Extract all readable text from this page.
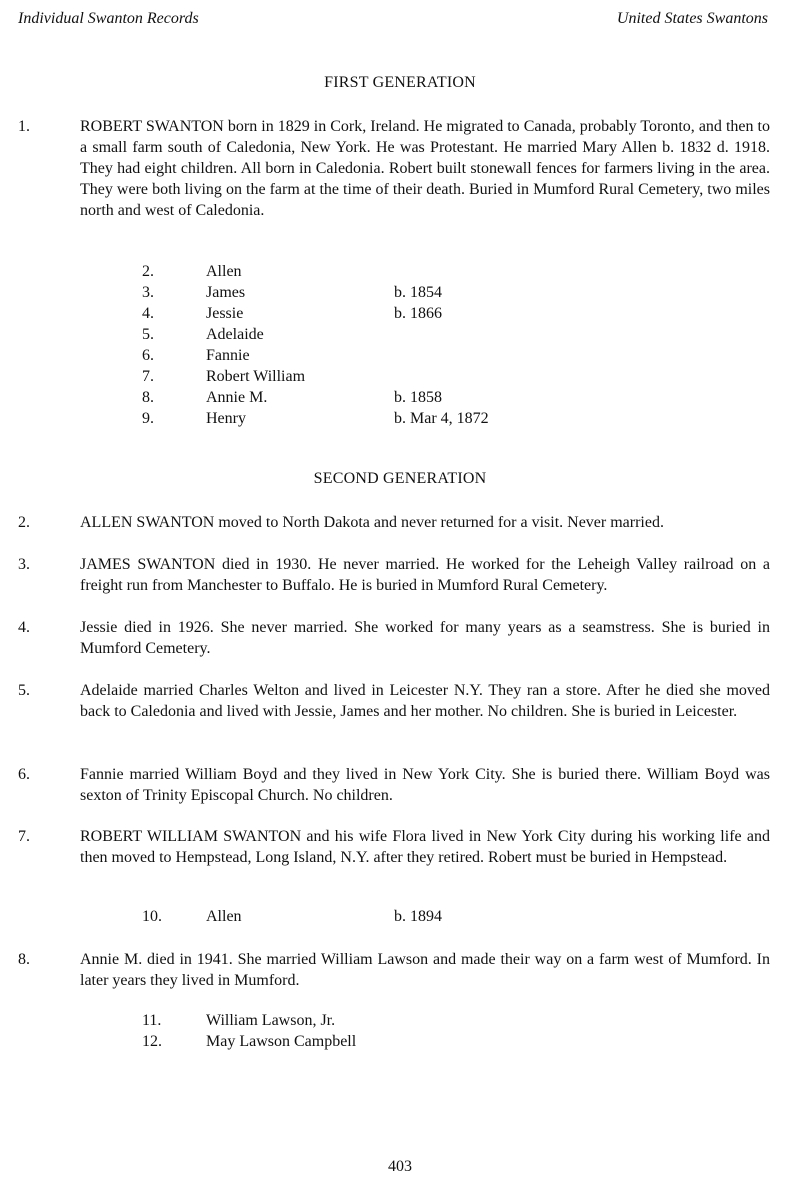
Individual Swanton Records	United States Swantons
FIRST GENERATION
1.	ROBERT SWANTON born in 1829 in Cork, Ireland. He migrated to Canada, probably Toronto, and then to a small farm south of Caledonia, New York. He was Protestant. He married Mary Allen b. 1832 d. 1918. They had eight children. All born in Caledonia. Robert built stonewall fences for farmers living in the area. They were both living on the farm at the time of their death. Buried in Mumford Rural Cemetery, two miles north and west of Caledonia.
2.	Allen
3.	James	b. 1854
4.	Jessie	b. 1866
5.	Adelaide
6.	Fannie
7.	Robert William
8.	Annie M.	b. 1858
9.	Henry	b. Mar 4, 1872
SECOND GENERATION
2.	ALLEN SWANTON moved to North Dakota and never returned for a visit. Never married.
3.	JAMES SWANTON died in 1930. He never married. He worked for the Leheigh Valley railroad on a freight run from Manchester to Buffalo. He is buried in Mumford Rural Cemetery.
4.	Jessie died in 1926. She never married. She worked for many years as a seamstress. She is buried in Mumford Cemetery.
5.	Adelaide married Charles Welton and lived in Leicester N.Y. They ran a store. After he died she moved back to Caledonia and lived with Jessie, James and her mother. No children. She is buried in Leicester.
6.	Fannie married William Boyd and they lived in New York City. She is buried there. William Boyd was sexton of Trinity Episcopal Church. No children.
7.	ROBERT WILLIAM SWANTON and his wife Flora lived in New York City during his working life and then moved to Hempstead, Long Island, N.Y. after they retired. Robert must be buried in Hempstead.
10.	Allen	b. 1894
8.	Annie M. died in 1941. She married William Lawson and made their way on a farm west of Mumford. In later years they lived in Mumford.
11.	William Lawson, Jr.
12.	May Lawson Campbell
403
